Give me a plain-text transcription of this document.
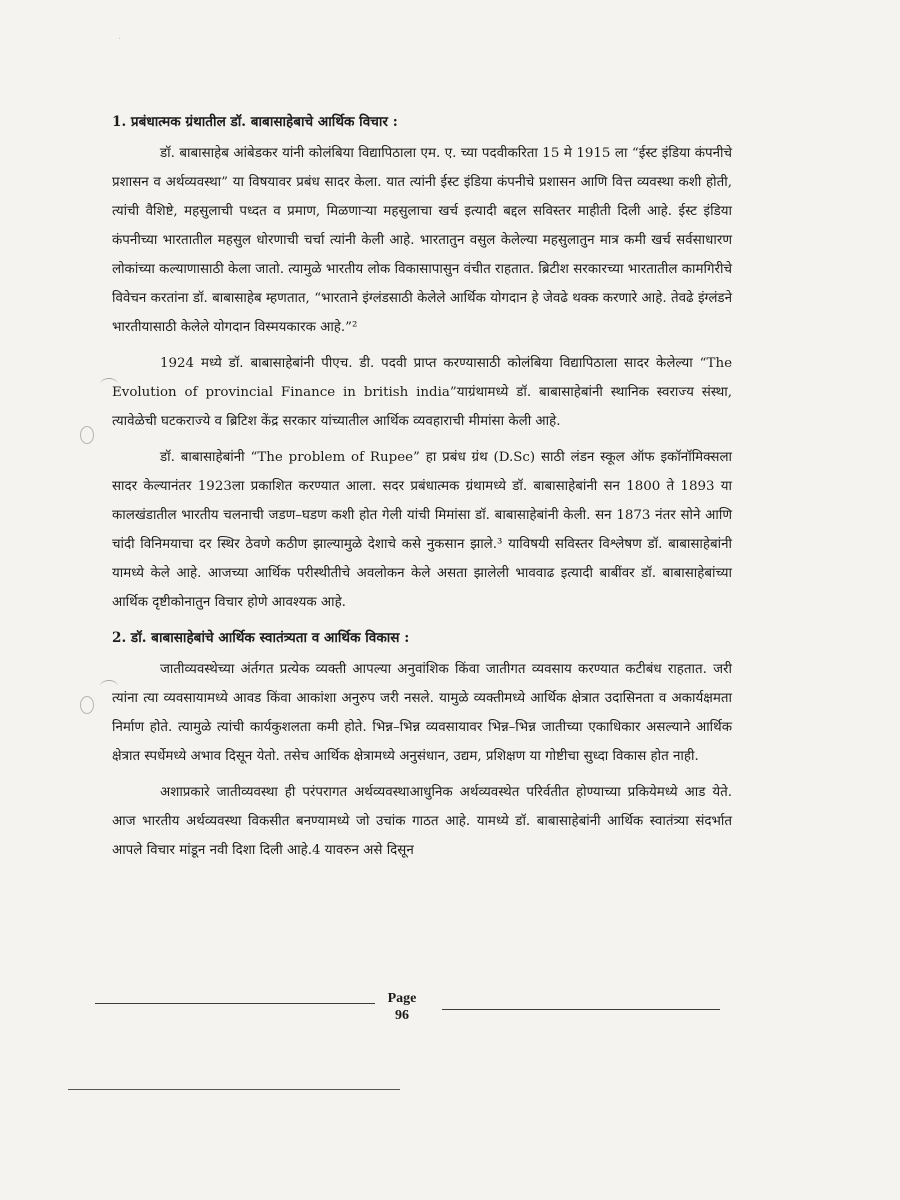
·
1. प्रबंधात्मक ग्रंथातील डॉ. बाबासाहेबाचे आर्थिक विचार :

डॉ. बाबासाहेब आंबेडकर यांनी कोलंबिया विद्यापिठाला एम. ए. च्या पदवीकरिता 15 मे 1915 ला “ईस्ट इंडिया कंपनीचे प्रशासन व अर्थव्यवस्था” या विषयावर प्रबंध सादर केला. यात त्यांनी ईस्ट इंडिया कंपनीचे प्रशासन आणि वित्त व्यवस्था कशी होती, त्यांची वैशिष्टे, महसुलाची पध्दत व प्रमाण, मिळणाऱ्या महसुलाचा खर्च इत्यादी बद्दल सविस्तर माहीती दिली आहे. ईस्ट इंडिया कंपनीच्या भारतातील महसुल धोरणाची चर्चा त्यांनी केली आहे. भारतातुन वसुल केलेल्या महसुलातुन मात्र कमी खर्च सर्वसाधारण लोकांच्या कल्याणासाठी केला जातो. त्यामुळे भारतीय लोक विकासापासुन वंचीत राहतात. ब्रिटीश सरकारच्या भारतातील कामगिरीचे विवेचन करतांना डॉ. बाबासाहेब म्हणतात, “भारताने इंग्लंडसाठी केलेले आर्थिक योगदान हे जेवढे थक्क करणारे आहे. तेवढे इंग्लंडने भारतीयासाठी केलेले योगदान विस्मयकारक आहे.”²

1924 मध्ये डॉ. बाबासाहेबांनी पीएच. डी. पदवी प्राप्त करण्यासाठी कोलंबिया विद्यापिठाला सादर केलेल्या “The Evolution of provincial Finance in british india”याग्रंथामध्ये डॉ. बाबासाहेबांनी स्थानिक स्वराज्य संस्था, त्यावेळेची घटकराज्ये व ब्रिटिश केंद्र सरकार यांच्यातील आर्थिक व्यवहाराची मीमांसा केली आहे.

डॉ. बाबासाहेबांनी “The problem of Rupee” हा प्रबंध ग्रंथ (D.Sc) साठी लंडन स्कूल ऑफ इकॉनॉमिक्सला सादर केल्यानंतर 1923ला प्रकाशित करण्यात आला. सदर प्रबंधात्मक ग्रंथामध्ये डॉ. बाबासाहेबांनी सन 1800 ते 1893 या कालखंडातील भारतीय चलनाची जडण–घडण कशी होत गेली यांची मिमांसा डॉ. बाबासाहेबांनी केली. सन 1873 नंतर सोने आणि चांदी विनिमयाचा दर स्थिर ठेवणे कठीण झाल्यामुळे देशाचे कसे नुकसान झाले.³ याविषयी सविस्तर विश्लेषण डॉ. बाबासाहेबांनी यामध्ये केले आहे. आजच्या आर्थिक परीस्थीतीचे अवलोकन केले असता झालेली भाववाढ इत्यादी बाबींवर डॉ. बाबासाहेबांच्या आर्थिक दृष्टीकोनातुन विचार होणे आवश्यक आहे.

2. डॉ. बाबासाहेबांचे आर्थिक स्वातंत्र्यता व आर्थिक विकास :

जातीव्यवस्थेच्या अंर्तगत प्रत्येक व्यक्ती आपल्या अनुवांशिक किंवा जातीगत व्यवसाय करण्यात कटीबंध राहतात. जरी त्यांना त्या व्यवसायामध्ये आवड किंवा आकांशा अनुरुप जरी नसले. यामुळे व्यक्तीमध्ये आर्थिक क्षेत्रात उदासिनता व अकार्यक्षमता निर्माण होते. त्यामुळे त्यांची कार्यकुशलता कमी होते. भिन्न–भिन्न व्यवसायावर भिन्न–भिन्न जातीच्या एकाधिकार असल्याने आर्थिक क्षेत्रात स्पर्धेमध्ये अभाव दिसून येतो. तसेच आर्थिक क्षेत्रामध्ये अनुसंधान, उद्यम, प्रशिक्षण या गोष्टीचा सुध्दा विकास होत नाही.

अशाप्रकारे जातीव्यवस्था ही परंपरागत अर्थव्यवस्थाआधुनिक अर्थव्यवस्थेत परिर्वतीत होण्याच्या प्रकियेमध्ये आड येते. आज भारतीय अर्थव्यवस्था विकसीत बनण्यामध्ये जो उचांक गाठत आहे. यामध्ये डॉ. बाबासाहेबांनी आर्थिक स्वातंत्र्या संदर्भात आपले विचार मांडून नवी दिशा दिली आहे.4 यावरुन असे दिसून

Page
96
